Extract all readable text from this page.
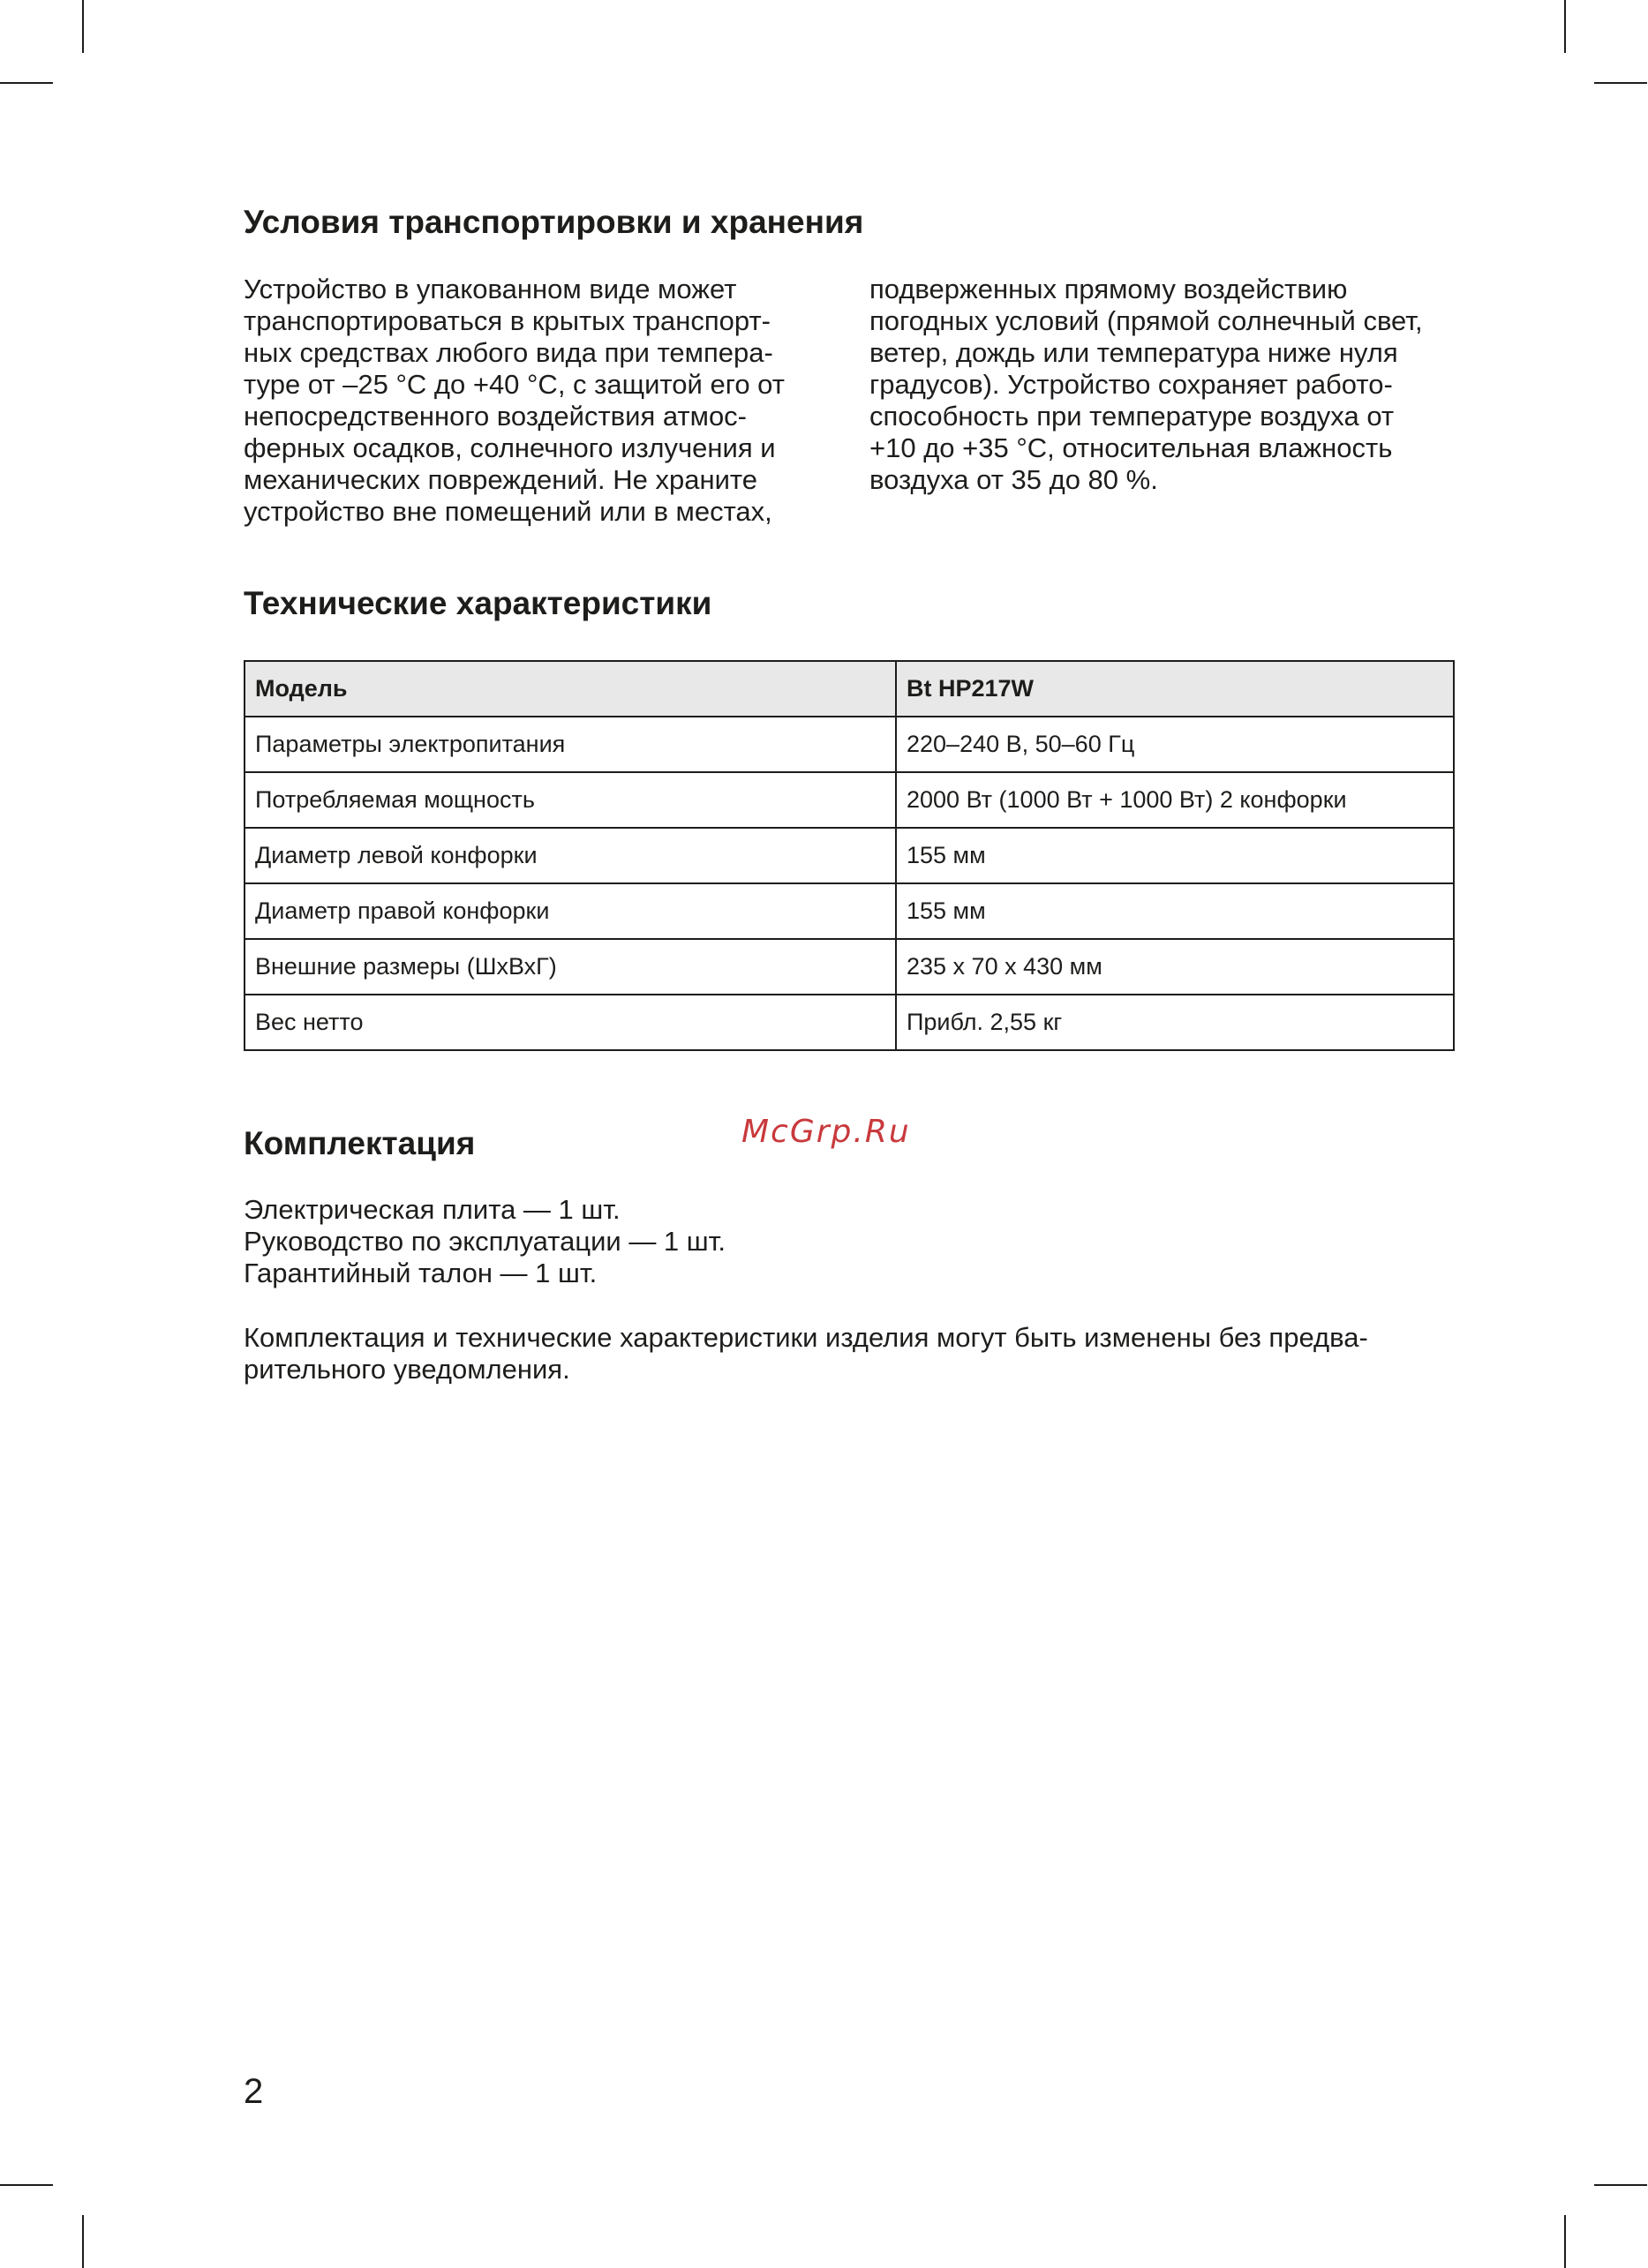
Условия транспортировки и хранения

Устройство в упакованном виде может
транспортироваться в крытых транспорт-
ных средствах любого вида при темпера-
туре от –25 °C до +40 °C, с защитой его от
непосредственного воздействия атмос-
ферных осадков, солнечного излучения и
механических повреждений. Не храните
устройство вне помещений или в местах,

подверженных прямому воздействию
погодных условий (прямой солнечный свет,
ветер, дождь или температура ниже нуля
градусов). Устройство сохраняет работо-
способность при температуре воздуха от
+10 до +35 °C, относительная влажность
воздуха от 35 до 80 %.

Технические характеристики
Модель	Bt HP217W
Параметры электропитания	220–240 В, 50–60 Гц
Потребляемая мощность	2000 Вт (1000 Вт + 1000 Вт) 2 конфорки
Диаметр левой конфорки	155 мм
Диаметр правой конфорки	155 мм
Внешние размеры (ШхВхГ)	235 х 70 х 430 мм
Вес нетто	Прибл. 2,55 кг
Комплектация	McGrp.Ru

Электрическая плита — 1 шт.
Руководство по эксплуатации — 1 шт.
Гарантийный талон — 1 шт.

Комплектация и технические характеристики изделия могут быть изменены без предва-
рительного уведомления.

2
